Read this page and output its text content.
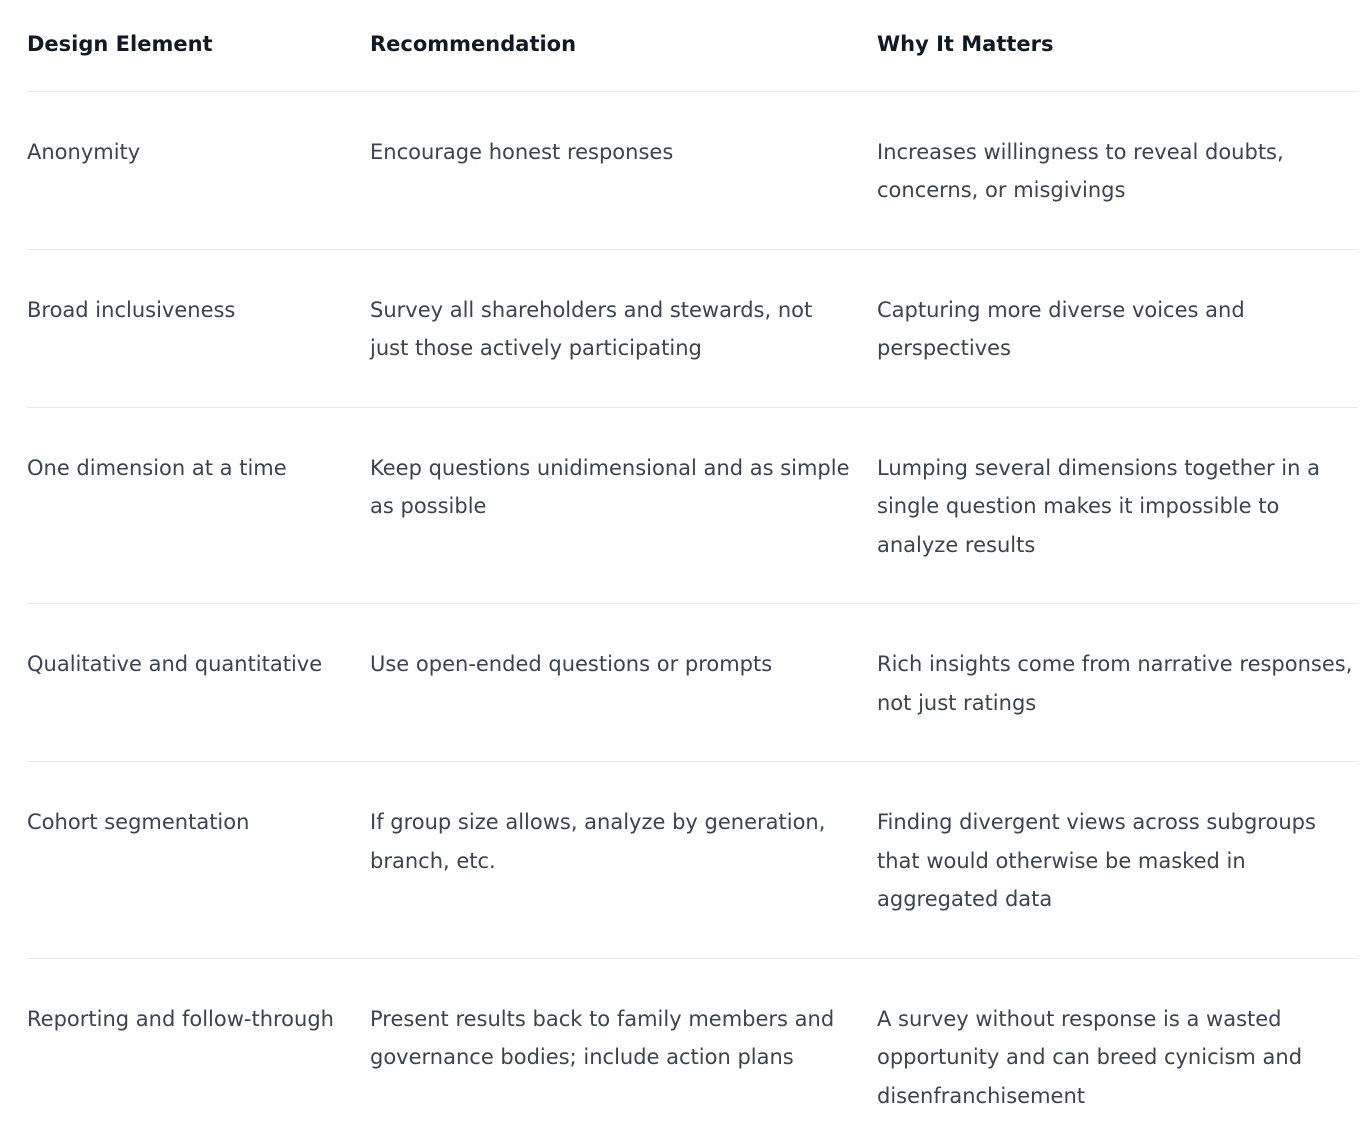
Design Element	Recommendation	Why It Matters
Anonymity	Encourage honest responses	Increases willingness to reveal doubts, concerns, or misgivings
Broad inclusiveness	Survey all shareholders and stewards, not just those actively participating	Capturing more diverse voices and perspectives
One dimension at a time	Keep questions unidimensional and as simple as possible	Lumping several dimensions together in a single question makes it impossible to analyze results
Qualitative and quantitative	Use open-ended questions or prompts	Rich insights come from narrative responses, not just ratings
Cohort segmentation	If group size allows, analyze by generation, branch, etc.	Finding divergent views across subgroups that would otherwise be masked in aggregated data
Reporting and follow-through	Present results back to family members and governance bodies; include action plans	A survey without response is a wasted opportunity and can breed cynicism and disenfranchisement
